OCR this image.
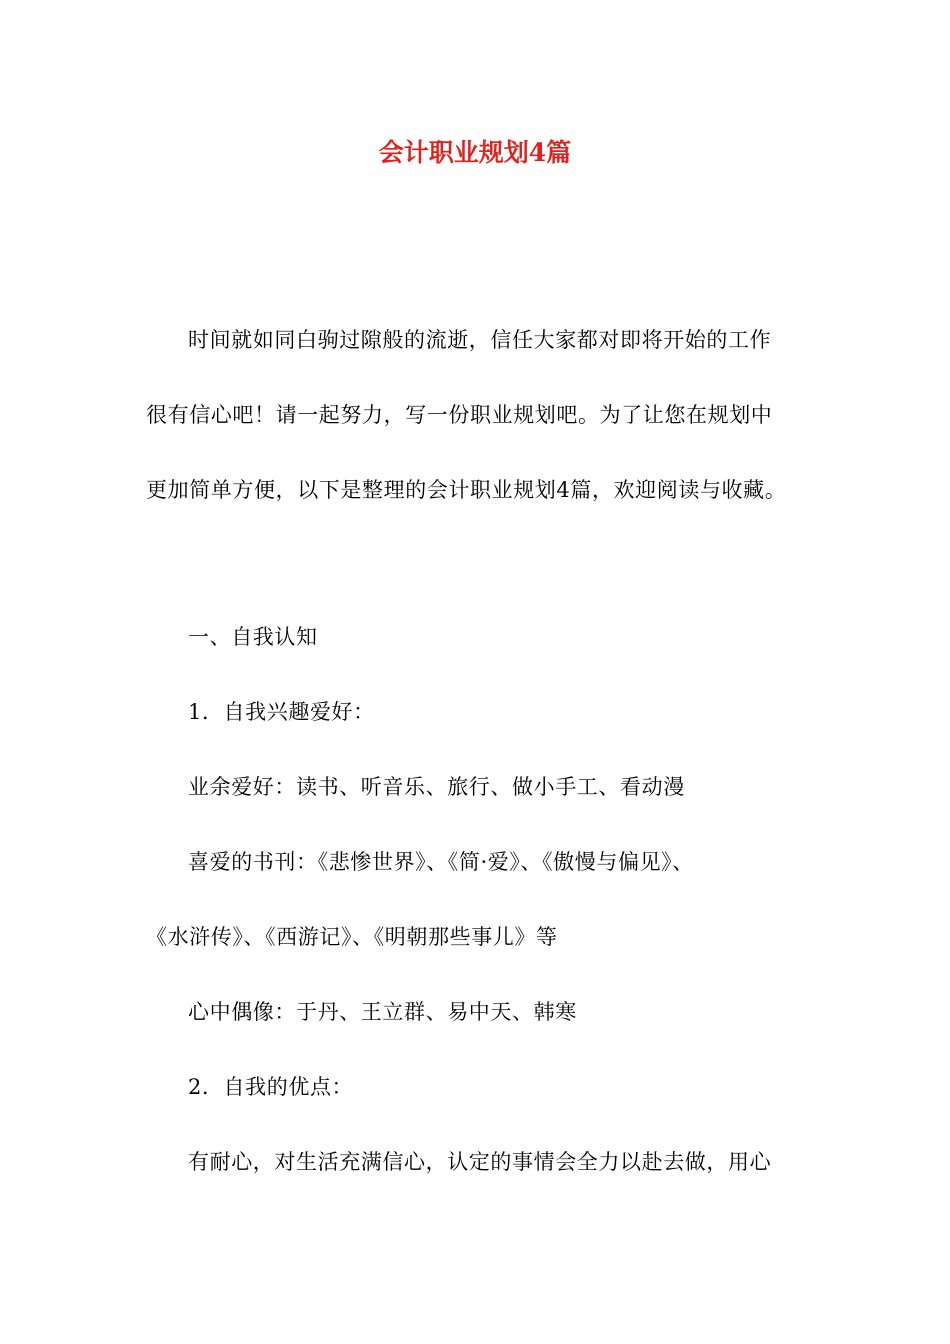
会计职业规划4篇
时间就如同白驹过隙般的流逝，信任大家都对即将开始的工作
很有信心吧！请一起努力，写一份职业规划吧。为了让您在规划中
更加简单方便，以下是整理的会计职业规划4篇，欢迎阅读与收藏。
一、自我认知
1．自我兴趣爱好：
业余爱好：读书、听音乐、旅行、做小手工、看动漫
喜爱的书刊：《悲惨世界》、《简·爱》、《傲慢与偏见》、
《水浒传》、《西游记》、《明朝那些事儿》等
心中偶像：于丹、王立群、易中天、韩寒
2．自我的优点：
有耐心，对生活充满信心，认定的事情会全力以赴去做，用心
